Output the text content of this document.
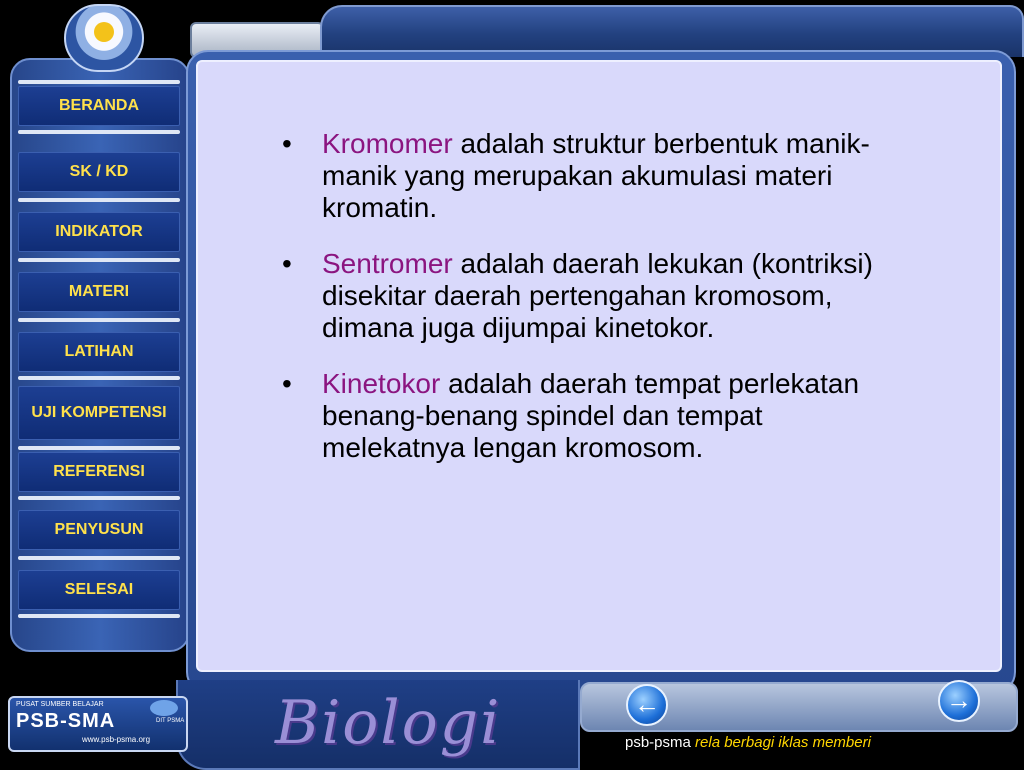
BERANDA
SK / KD
INDIKATOR
MATERI
LATIHAN
UJI KOMPETENSI
REFERENSI
PENYUSUN
SELESAI
• Kromomer adalah struktur berbentuk manik-manik yang merupakan akumulasi materi kromatin.
• Sentromer adalah daerah lekukan (kontriksi) disekitar daerah pertengahan kromosom, dimana juga dijumpai kinetokor.
• Kinetokor adalah daerah tempat perlekatan benang-benang spindel dan tempat melekatnya lengan kromosom.
Biologi	←	→
psb-psma rela berbagi iklas memberi
PUSAT SUMBER BELAJAR
PSB-SMA
www.psb-psma.org
DIT PSMA
